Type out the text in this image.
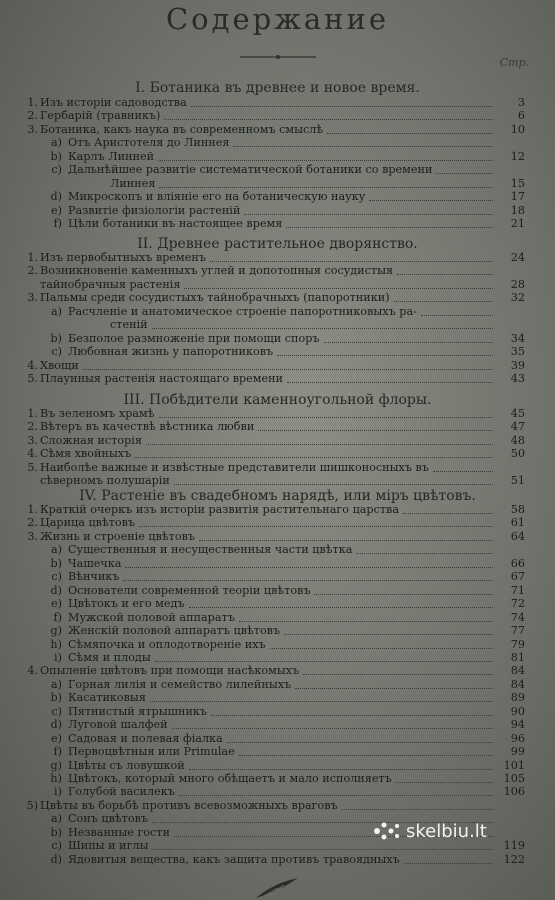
Содержание
Стр.
I. Ботаника въ древнее и новое время.
1. Изъ исторіи садоводства	3
2. Гербарій (травникъ)	6
3. Ботаника, какъ наука въ современномъ смыслѣ	10
a) Отъ Аристотеля до Линнея
b) Карлъ Линней	12
c) Дальнѣйшее развитіе систематической ботаники со времени
Линнея	15
d) Микроскопъ и вліяніе его на ботаническую науку	17
e) Развитіе физіологіи растеній	18
f) Цѣли ботаники въ настоящее время	21
II. Древнее растительное дворянство.
1. Изъ первобытныхъ временъ	24
2. Возникновеніе каменныхъ углей и допотопныя сосудистыя
тайнобрачныя растенія	28
3. Пальмы среди сосудистыхъ тайнобрачныхъ (папоротники)	32
a) Расчленіе и анатомическое строеніе папоротниковыхъ ра-
стеній
b) Безполое размноженіе при помощи споръ	34
c) Любовная жизнь у папоротниковъ	35
4. Хвощи	39
5. Плаунныя растенія настоящаго времени	43
III. Побѣдители каменноугольной флоры.
1. Въ зеленомъ храмѣ	45
2. Вѣтеръ въ качествѣ вѣстника любви	47
3. Сложная исторія	48
4. Сѣмя хвойныхъ	50
5. Наиболѣе важные и извѣстные представители шишконосныхъ въ
сѣверномъ полушаріи	51
IV. Растеніе въ свадебномъ нарядѣ, или міръ цвѣтовъ.
1. Краткій очеркъ изъ исторіи развитія растительнаго царства	58
2. Царица цвѣтовъ	61
3. Жизнь и строеніе цвѣтовъ	64
a) Существенныя и несущественныя части цвѣтка
b) Чашечка	66
c) Вѣнчикъ	67
d) Основатели современной теоріи цвѣтовъ	71
e) Цвѣтокъ и его медъ	72
f) Мужской половой аппаратъ	74
g) Женскій половой аппаратъ цвѣтовъ	77
h) Сѣмяпочка и оплодотвореніе ихъ	79
i) Сѣмя и плоды	81
4. Опыленіе цвѣтовъ при помощи насѣкомыхъ	84
a) Горная лилія и семейство лилейныхъ	84
b) Касатиковыя	89
c) Пятнистый ятрышникъ	90
d) Луговой шалфей	94
e) Садовая и полевая фіалка	96
f) Первоцвѣтныя или Primulae	99
g) Цвѣты съ ловушкой	101
h) Цвѣтокъ, который много обѣщаетъ и мало исполняетъ	105
i) Голубой василекъ	106
5) Цвѣты въ борьбѣ противъ всевозможныхъ враговъ
a) Сонъ цвѣтовъ
b) Незванные гости
c) Шипы и иглы	119
d) Ядовитыя вещества, какъ защита противъ травоядныхъ	122
skelbiu.lt
